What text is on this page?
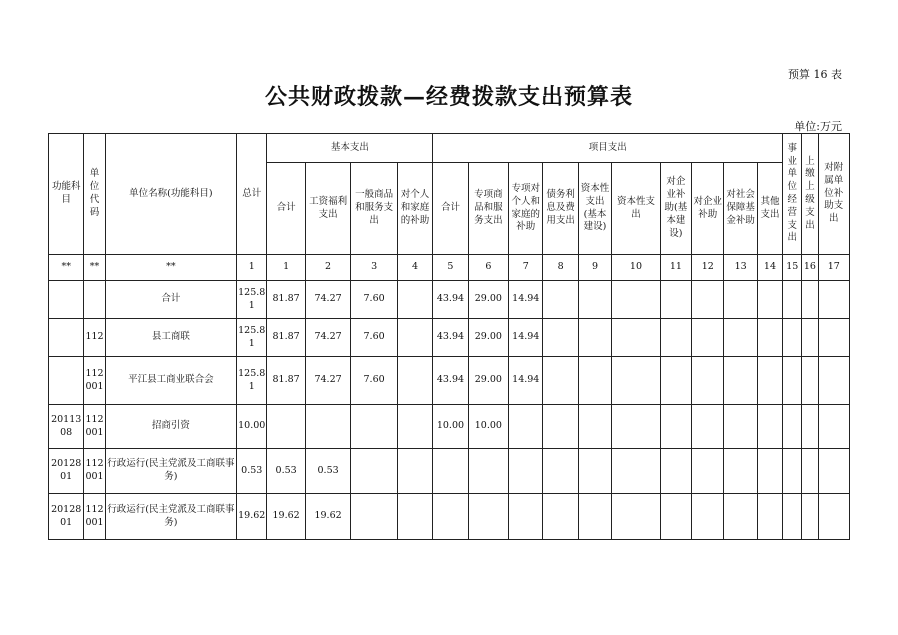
预算 16 表
公共财政拨款—经费拨款支出预算表
单位:万元
功能科目	单位代码	单位名称(功能科目)	总计	基本支出				项目支出										事业单位经营支出	上缴上级支出	对附属单位补助支出
				合计	工资福利支出	一般商品和服务支出	对个人和家庭的补助	合计	专项商品和服务支出	专项对个人和家庭的补助	债务利息及费用支出	资本性支出(基本建设)	资本性支出	对企业补助(基本建设)	对企业补助	对社会保障基金补助	其他支出			
**	**	**	1	1	2	3	4	5	6	7	8	9	10	11	12	13	14	15	16	17
		合计	125.81	81.87	74.27	7.60		43.94	29.00	14.94										
	112	县工商联	125.81	81.87	74.27	7.60		43.94	29.00	14.94										
	112001	平江县工商业联合会	125.81	81.87	74.27	7.60		43.94	29.00	14.94										
2011308	112001	招商引资	10.00					10.00	10.00											
2012801	112001	行政运行(民主党派及工商联事务)	0.53	0.53	0.53															
2012801	112001	行政运行(民主党派及工商联事务)	19.62	19.62	19.62															
